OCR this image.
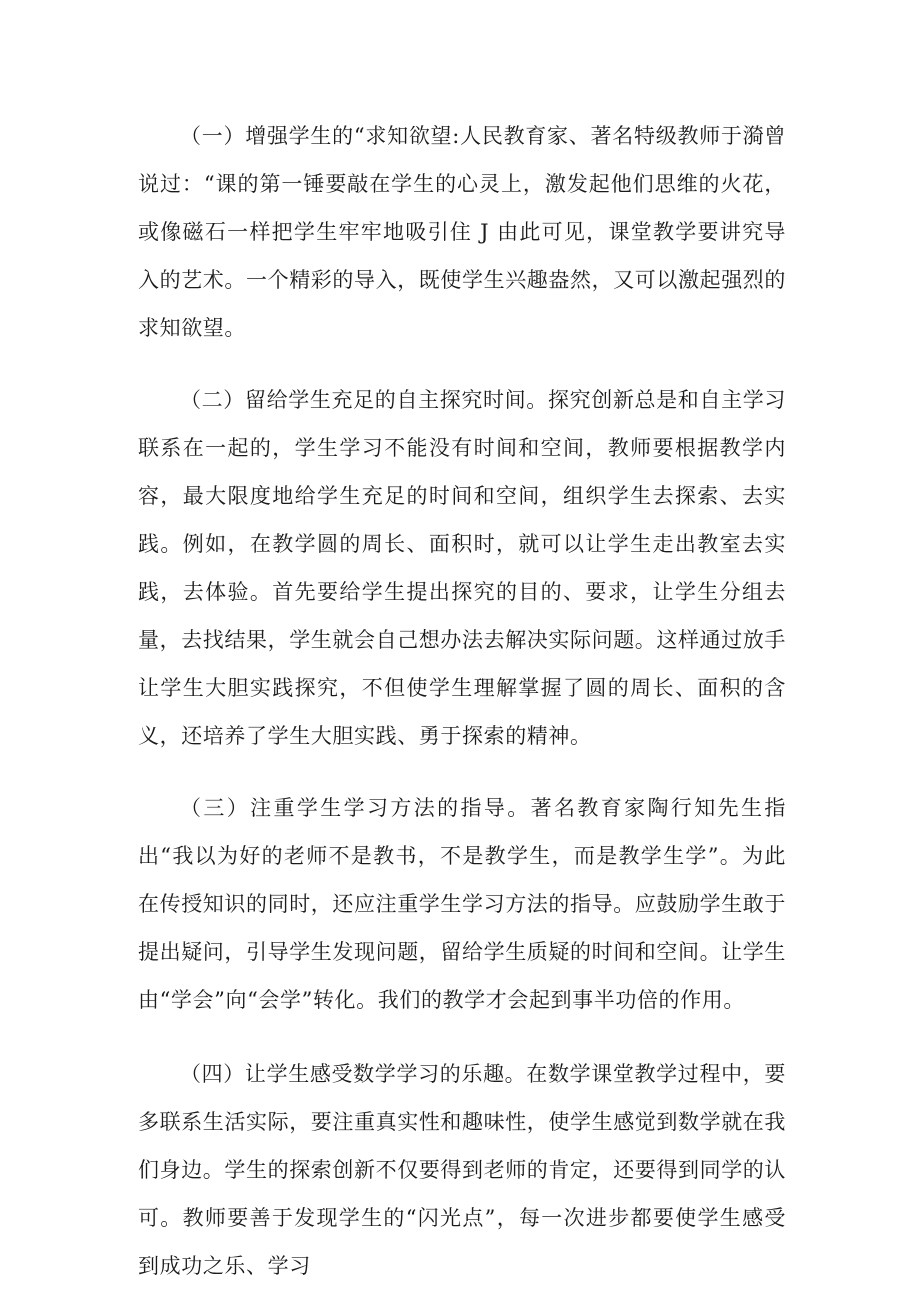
（一）增强学生的“求知欲望:人民教育家、著名特级教师于漪曾说过：“课的第一锤要敲在学生的心灵上，激发起他们思维的火花，或像磁石一样把学生牢牢地吸引住 J 由此可见，课堂教学要讲究导入的艺术。一个精彩的导入，既使学生兴趣盎然，又可以激起强烈的求知欲望。

（二）留给学生充足的自主探究时间。探究创新总是和自主学习联系在一起的，学生学习不能没有时间和空间，教师要根据教学内容，最大限度地给学生充足的时间和空间，组织学生去探索、去实践。例如，在教学圆的周长、面积时，就可以让学生走出教室去实践，去体验。首先要给学生提出探究的目的、要求，让学生分组去量，去找结果，学生就会自己想办法去解决实际问题。这样通过放手让学生大胆实践探究，不但使学生理解掌握了圆的周长、面积的含义，还培养了学生大胆实践、勇于探索的精神。

（三）注重学生学习方法的指导。著名教育家陶行知先生指出“我以为好的老师不是教书，不是教学生，而是教学生学”。为此在传授知识的同时，还应注重学生学习方法的指导。应鼓励学生敢于提出疑问，引导学生发现问题，留给学生质疑的时间和空间。让学生由“学会”向“会学”转化。我们的教学才会起到事半功倍的作用。

（四）让学生感受数学学习的乐趣。在数学课堂教学过程中，要多联系生活实际，要注重真实性和趣味性，使学生感觉到数学就在我们身边。学生的探索创新不仅要得到老师的肯定，还要得到同学的认可。教师要善于发现学生的“闪光点”，每一次进步都要使学生感受到成功之乐、学习
